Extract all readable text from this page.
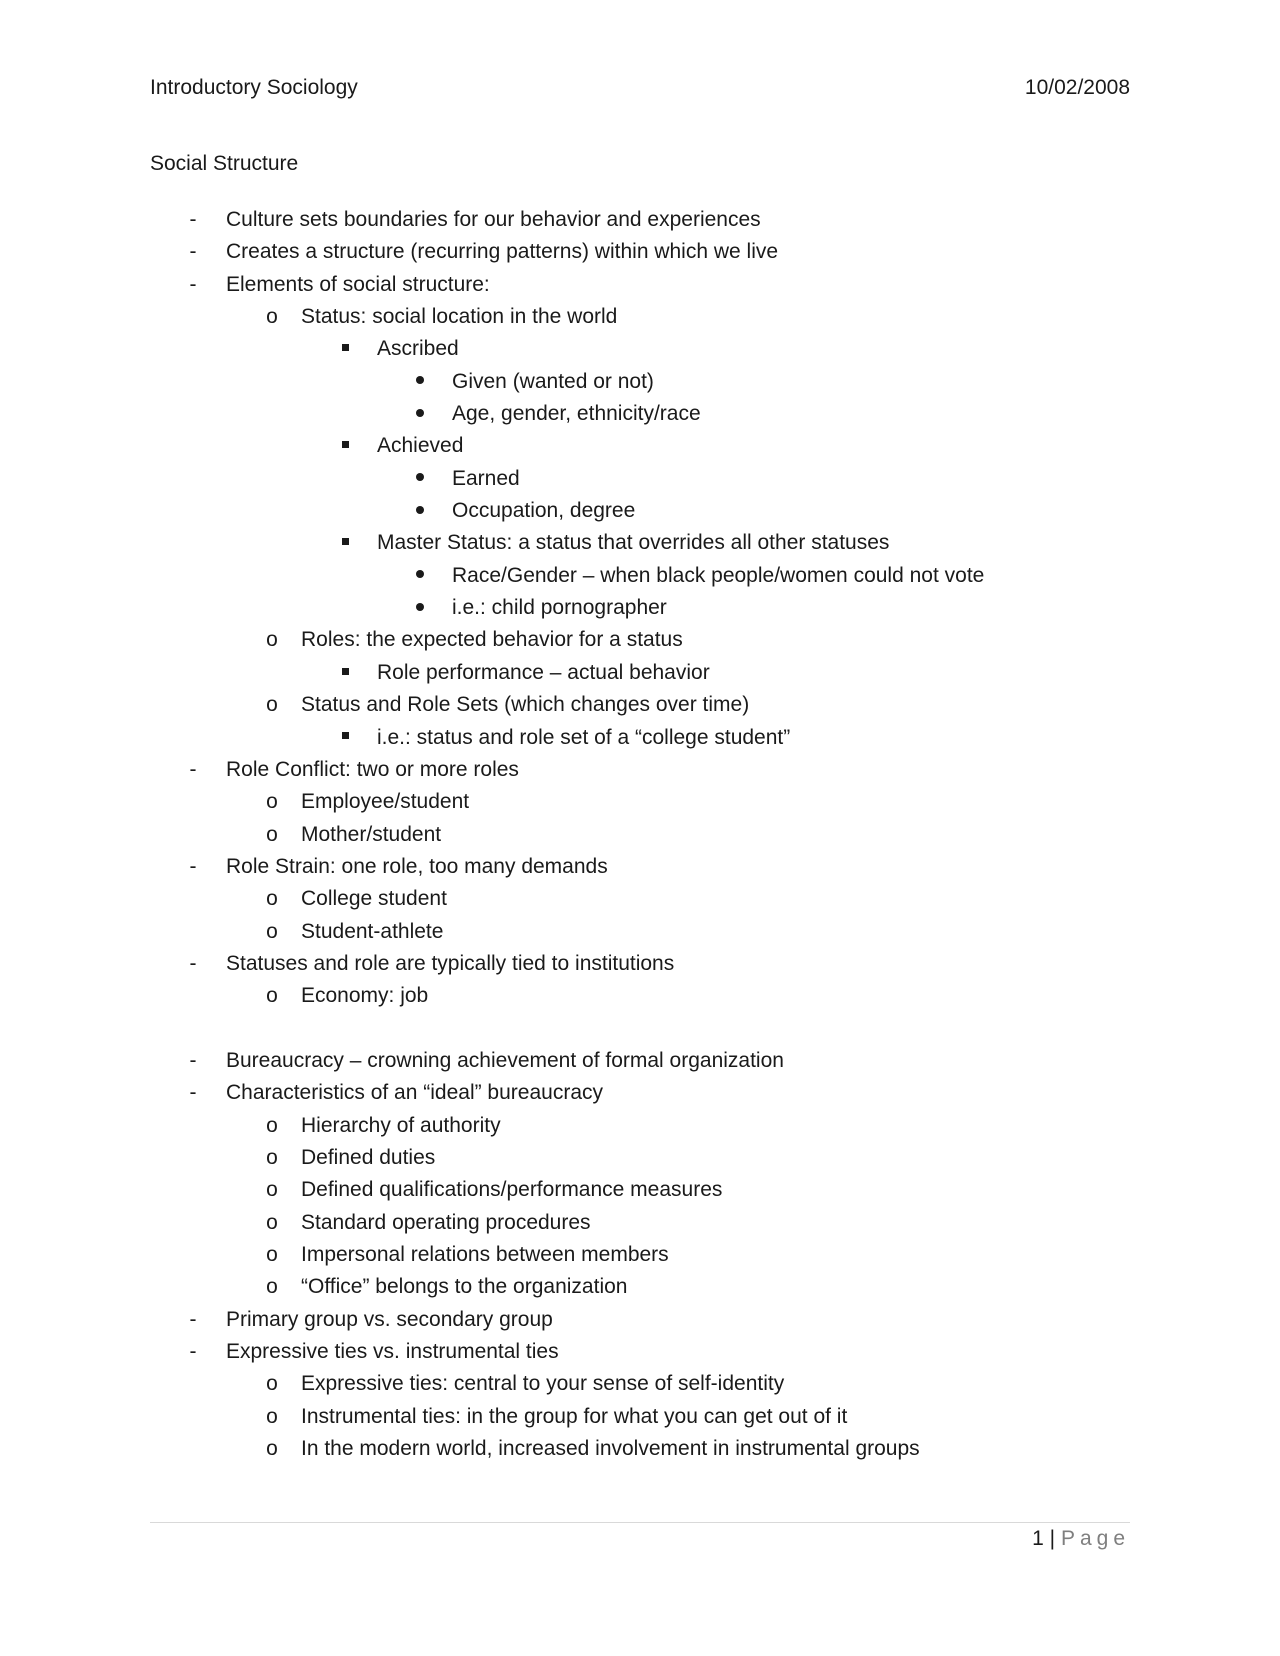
Introductory Sociology	10/02/2008
Social Structure
-	Culture sets boundaries for our behavior and experiences
-	Creates a structure (recurring patterns) within which we live
-	Elements of social structure:
o Status: social location in the world
Ascribed
Given (wanted or not)
Age, gender, ethnicity/race
Achieved
Earned
Occupation, degree
Master Status: a status that overrides all other statuses
Race/Gender – when black people/women could not vote
i.e.: child pornographer
o Roles: the expected behavior for a status
Role performance – actual behavior
o Status and Role Sets (which changes over time)
i.e.: status and role set of a “college student”
-	Role Conflict: two or more roles
o Employee/student
o Mother/student
-	Role Strain: one role, too many demands
o College student
o Student-athlete
-	Statuses and role are typically tied to institutions
o Economy: job
-	Bureaucracy – crowning achievement of formal organization
-	Characteristics of an “ideal” bureaucracy
o Hierarchy of authority
o Defined duties
o Defined qualifications/performance measures
o Standard operating procedures
o Impersonal relations between members
o “Office” belongs to the organization
-	Primary group vs. secondary group
-	Expressive ties vs. instrumental ties
o Expressive ties: central to your sense of self-identity
o Instrumental ties: in the group for what you can get out of it
o In the modern world, increased involvement in instrumental groups
1 | Page
